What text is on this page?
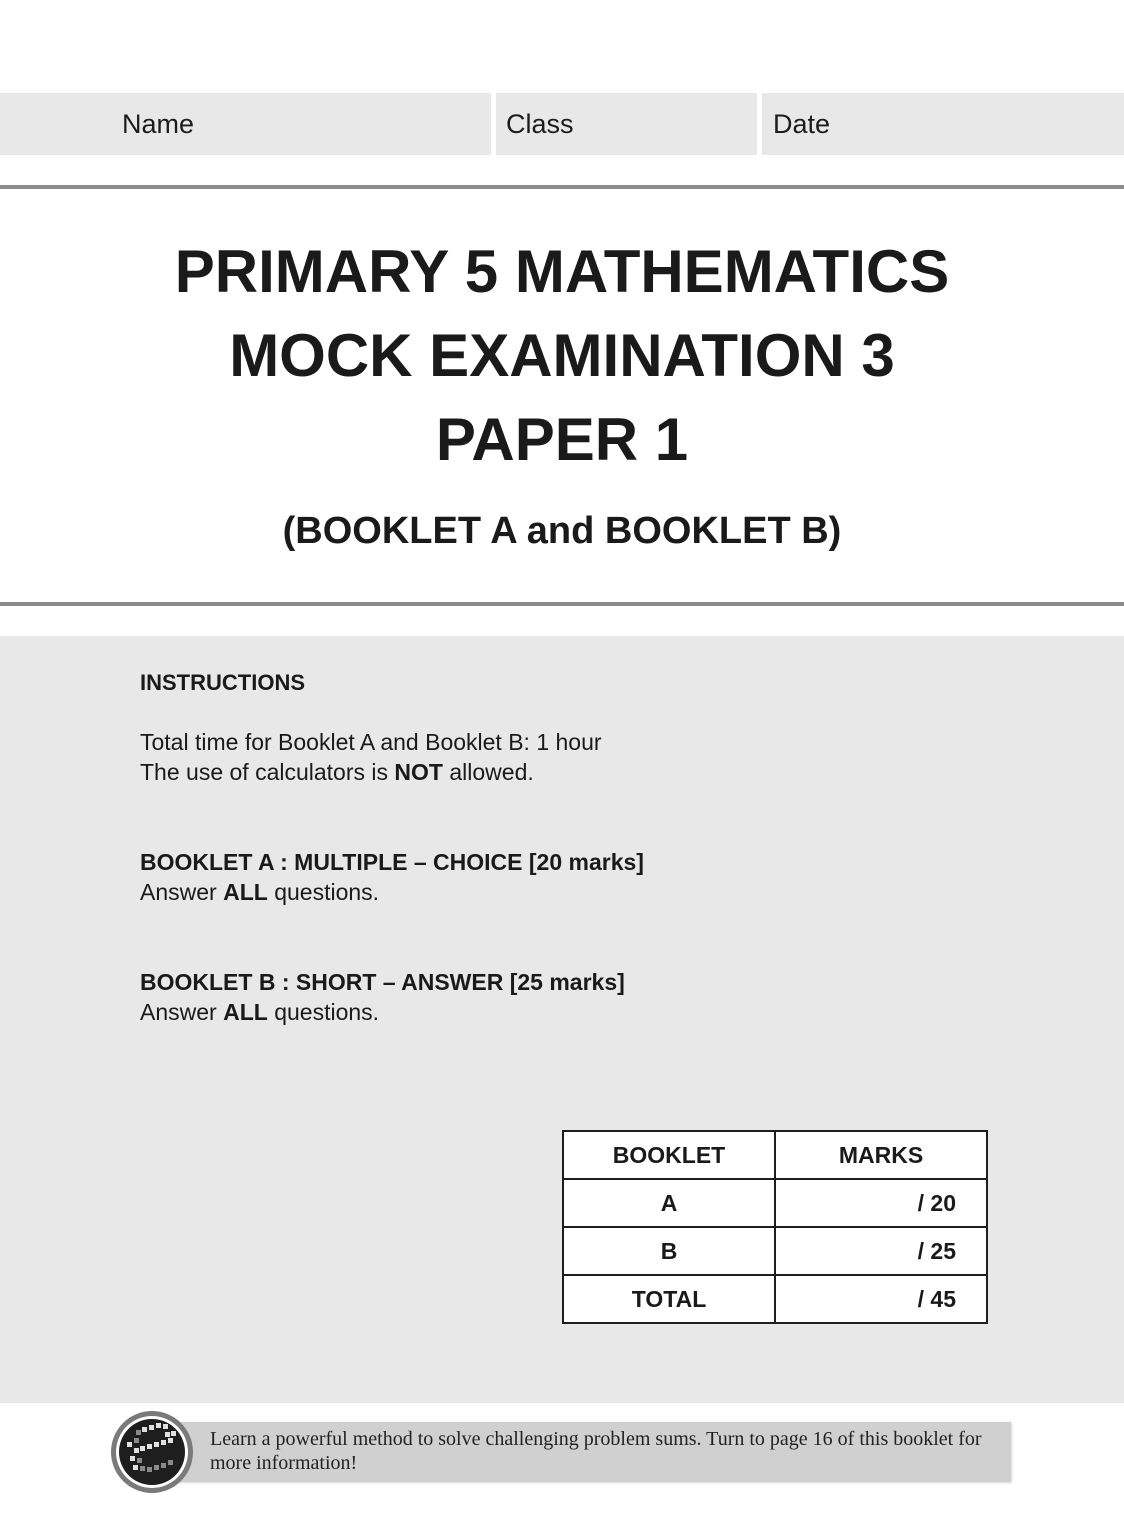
Name	Class	Date
PRIMARY 5 MATHEMATICS
MOCK EXAMINATION 3
PAPER 1
(BOOKLET A and BOOKLET B)
INSTRUCTIONS
Total time for Booklet A and Booklet B: 1 hour
The use of calculators is NOT allowed.
BOOKLET A : MULTIPLE – CHOICE [20 marks]
Answer ALL questions.
BOOKLET B : SHORT – ANSWER [25 marks]
Answer ALL questions.
BOOKLET	MARKS
A	/ 20
B	/ 25
TOTAL	/ 45
Learn a powerful method to solve challenging problem sums. Turn to page 16 of this booklet for more information!
